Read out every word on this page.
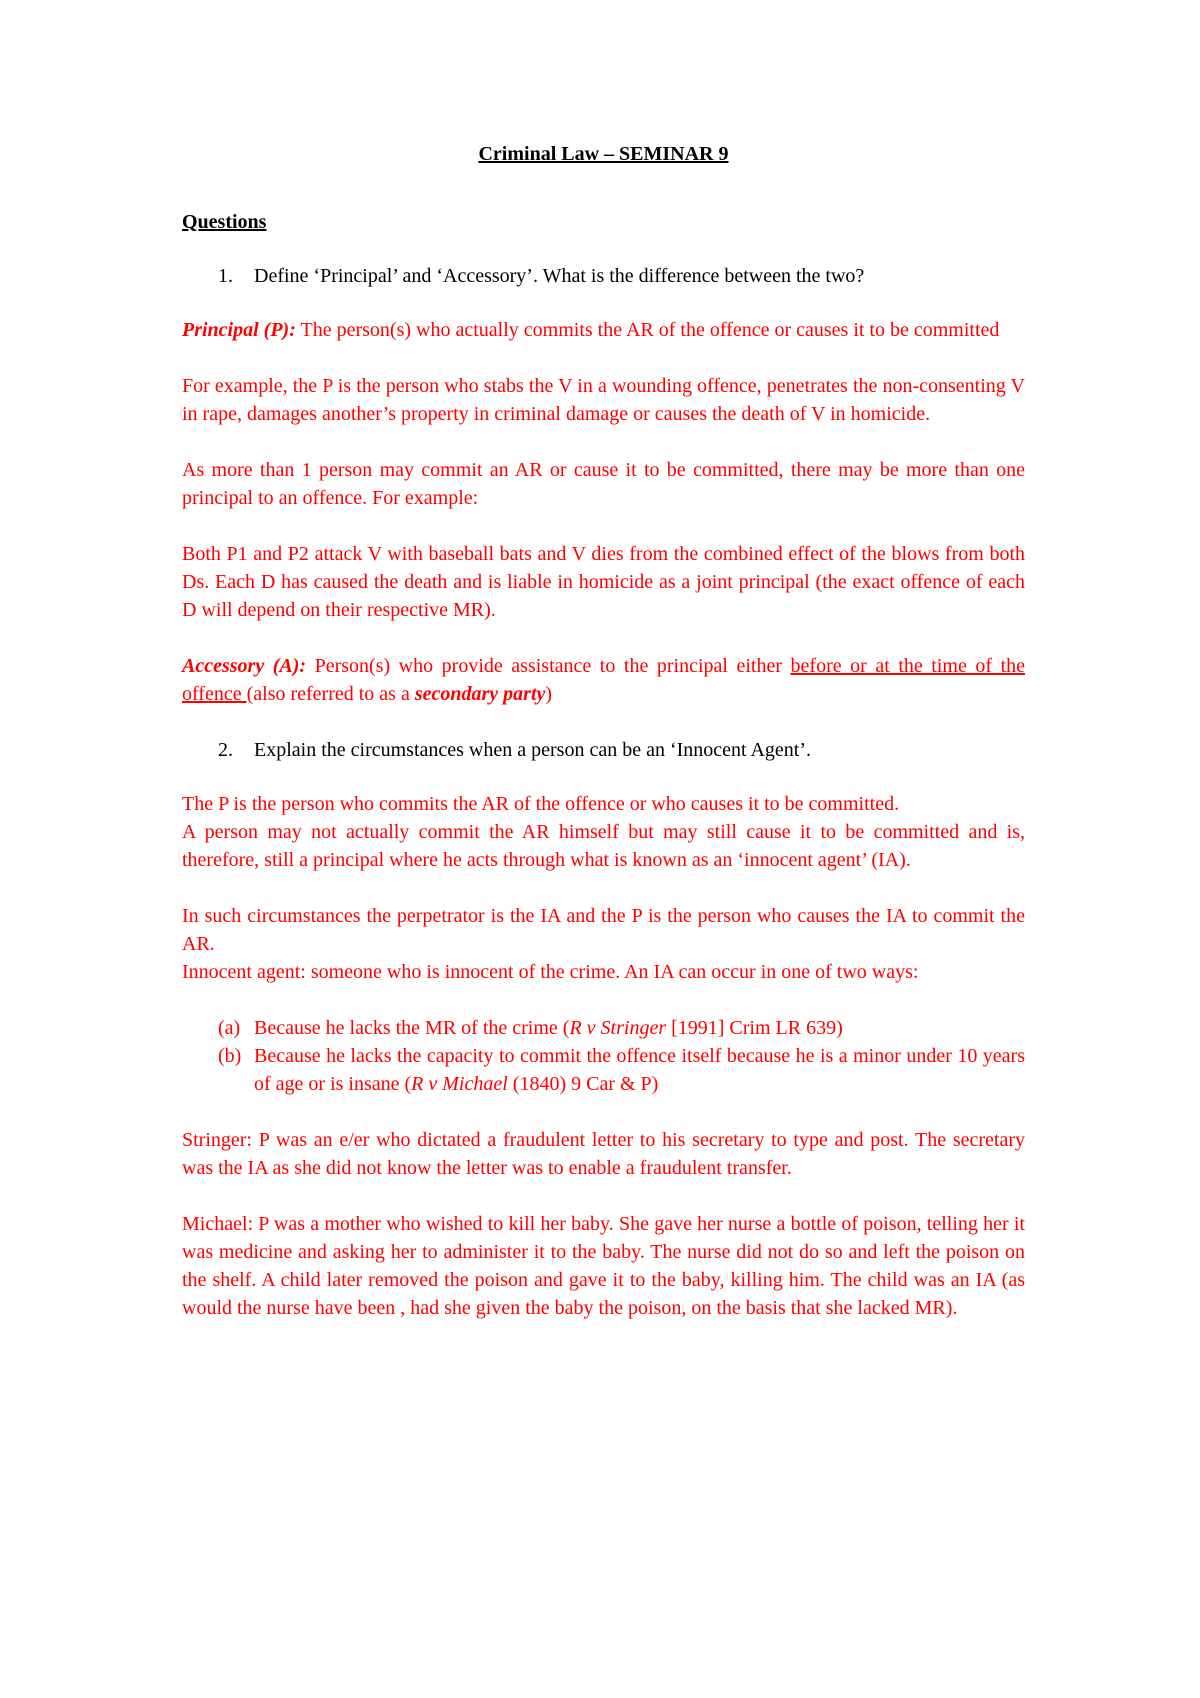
Criminal Law – SEMINAR 9
Questions
1.	Define ‘Principal’ and ‘Accessory’. What is the difference between the two?

Principal (P): The person(s) who actually commits the AR of the offence or causes it to be committed

For example, the P is the person who stabs the V in a wounding offence, penetrates the non-consenting V in rape, damages another’s property in criminal damage or causes the death of V in homicide.

As more than 1 person may commit an AR or cause it to be committed, there may be more than one principal to an offence. For example:

Both P1 and P2 attack V with baseball bats and V dies from the combined effect of the blows from both Ds. Each D has caused the death and is liable in homicide as a joint principal (the exact offence of each D will depend on their respective MR).

Accessory (A): Person(s) who provide assistance to the principal either before or at the time of the offence (also referred to as a secondary party)

2.	Explain the circumstances when a person can be an ‘Innocent Agent’.

The P is the person who commits the AR of the offence or who causes it to be committed.

A person may not actually commit the AR himself but may still cause it to be committed and is, therefore, still a principal where he acts through what is known as an ‘innocent agent’ (IA).

In such circumstances the perpetrator is the IA and the P is the person who causes the IA to commit the AR.

Innocent agent: someone who is innocent of the crime. An IA can occur in one of two ways:

(a) Because he lacks the MR of the crime (R v Stringer [1991] Crim LR 639)
(b) Because he lacks the capacity to commit the offence itself because he is a minor under 10 years of age or is insane (R v Michael (1840) 9 Car & P)

Stringer: P was an e/er who dictated a fraudulent letter to his secretary to type and post. The secretary was the IA as she did not know the letter was to enable a fraudulent transfer.

Michael: P was a mother who wished to kill her baby. She gave her nurse a bottle of poison, telling her it was medicine and asking her to administer it to the baby. The nurse did not do so and left the poison on the shelf. A child later removed the poison and gave it to the baby, killing him. The child was an IA (as would the nurse have been , had she given the baby the poison, on the basis that she lacked MR).
